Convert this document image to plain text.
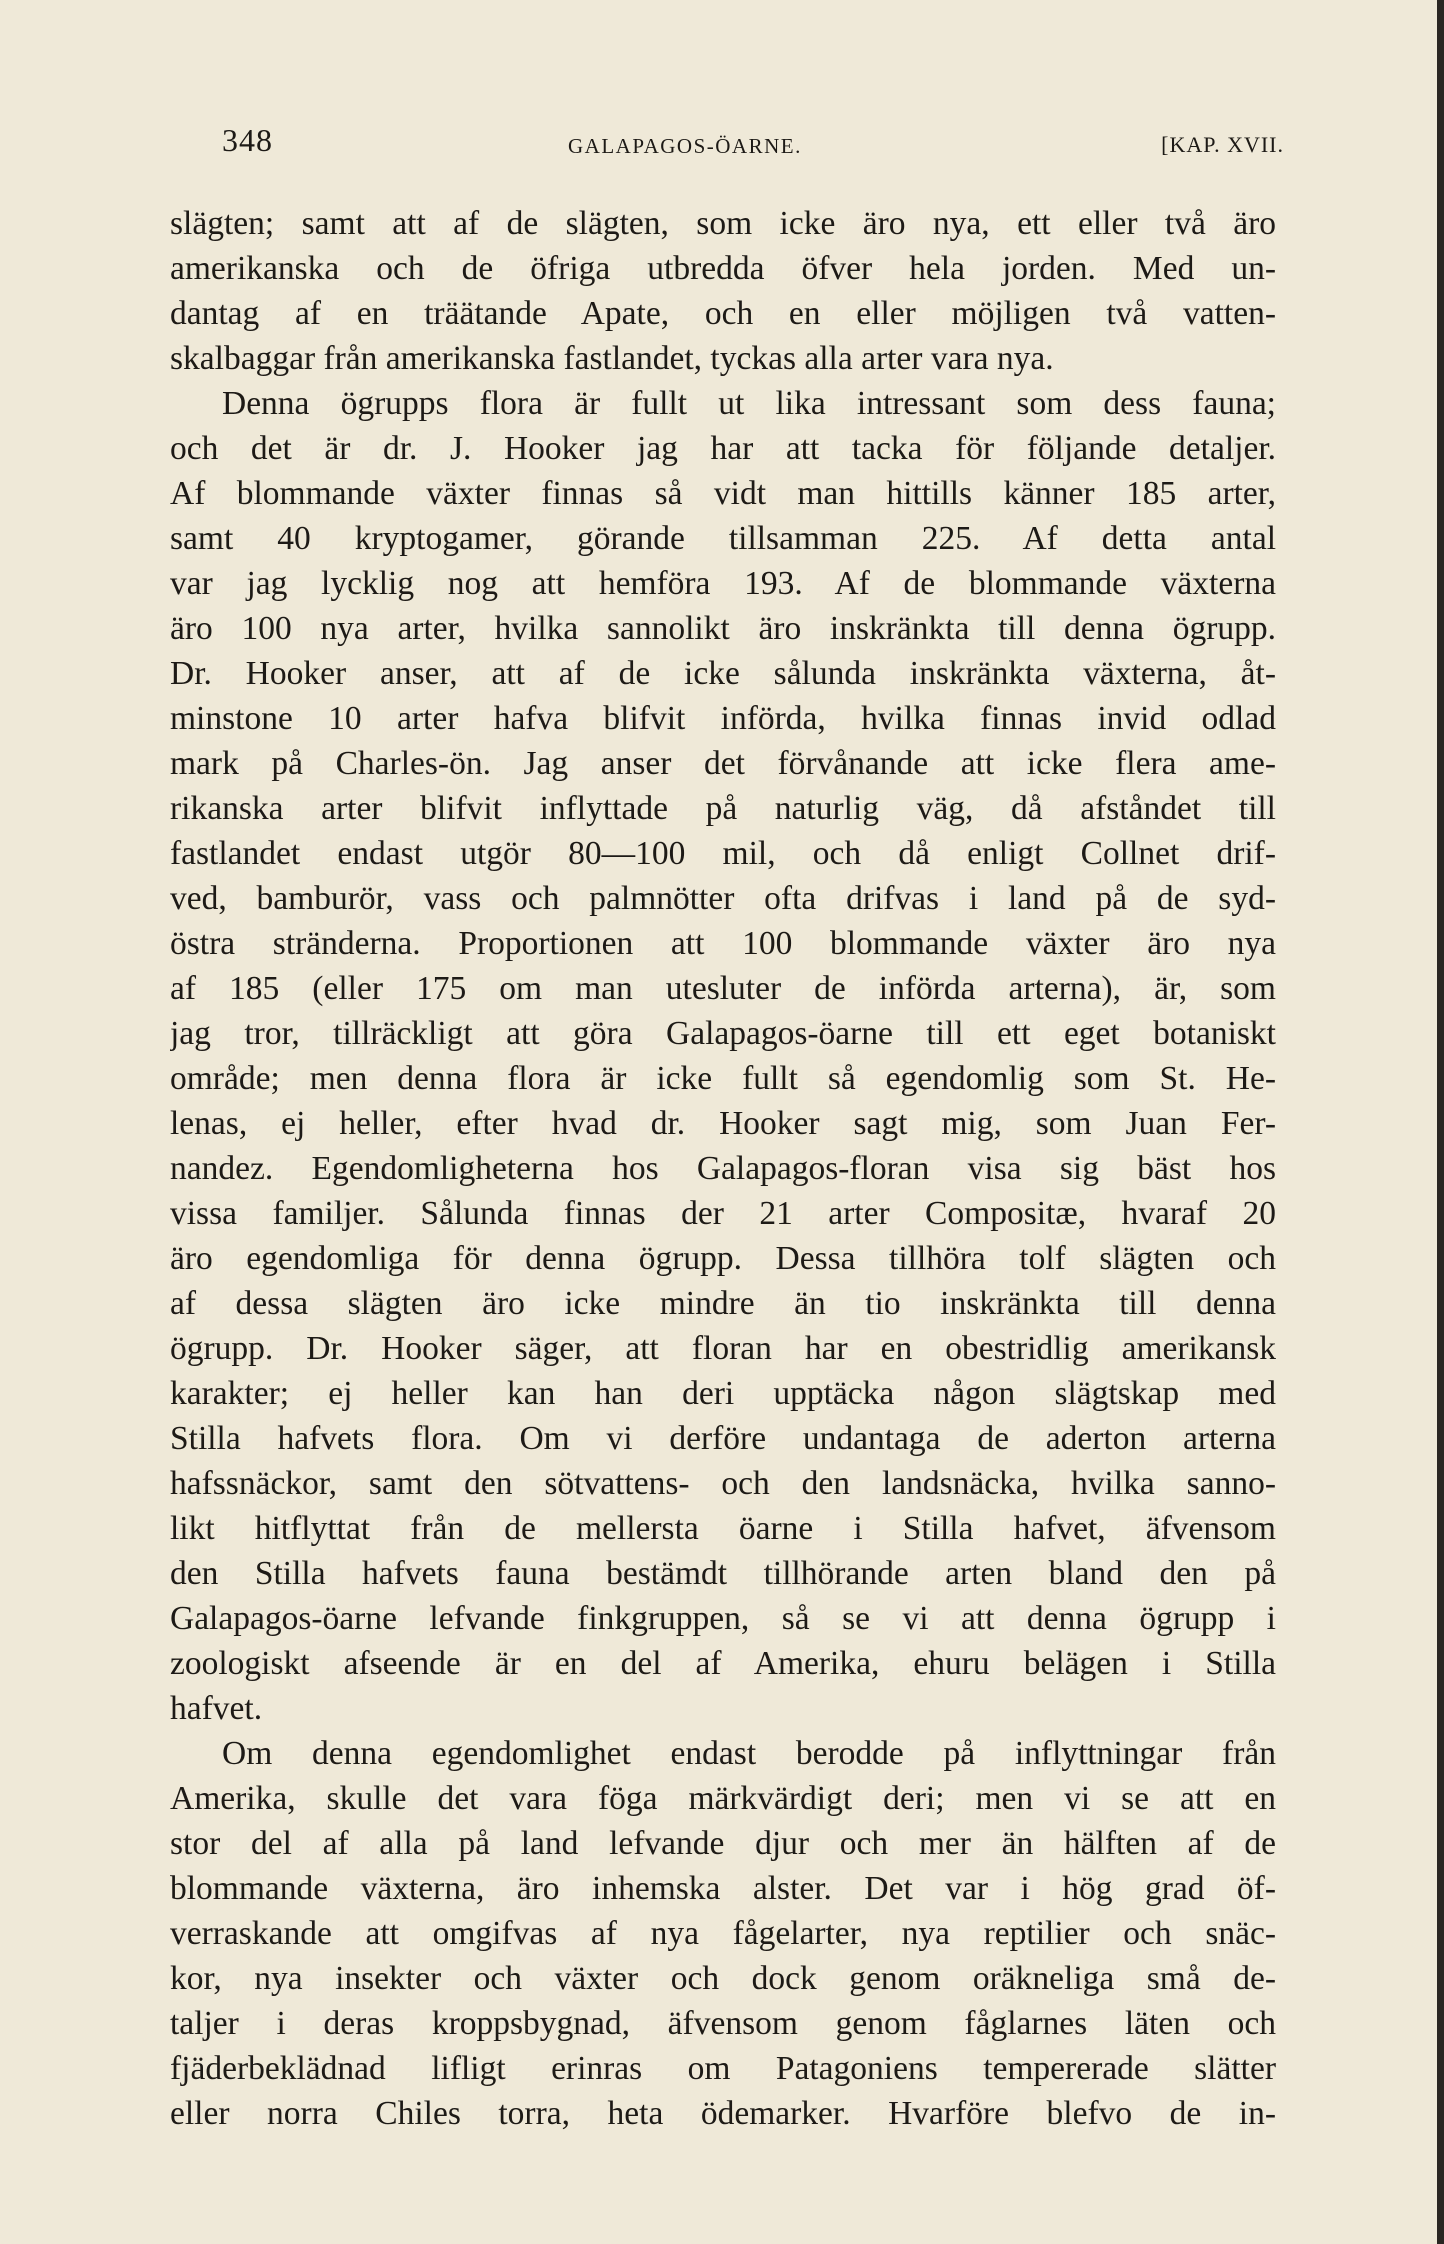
348	GALAPAGOS-ÖARNE.	[KAP. XVII.
slägten; samt att af de slägten, som icke äro nya, ett eller två äro
amerikanska och de öfriga utbredda öfver hela jorden. Med un-
dantag af en träätande Apate, och en eller möjligen två vatten-
skalbaggar från amerikanska fastlandet, tyckas alla arter vara nya.
Denna ögrupps flora är fullt ut lika intressant som dess fauna;
och det är dr. J. Hooker jag har att tacka för följande detaljer.
Af blommande växter finnas så vidt man hittills känner 185 arter,
samt 40 kryptogamer, görande tillsamman 225. Af detta antal
var jag lycklig nog att hemföra 193. Af de blommande växterna
äro 100 nya arter, hvilka sannolikt äro inskränkta till denna ögrupp.
Dr. Hooker anser, att af de icke sålunda inskränkta växterna, åt-
minstone 10 arter hafva blifvit införda, hvilka finnas invid odlad
mark på Charles-ön. Jag anser det förvånande att icke flera ame-
rikanska arter blifvit inflyttade på naturlig väg, då afståndet till
fastlandet endast utgör 80—100 mil, och då enligt Collnet drif-
ved, bamburör, vass och palmnötter ofta drifvas i land på de syd-
östra stränderna. Proportionen att 100 blommande växter äro nya
af 185 (eller 175 om man utesluter de införda arterna), är, som
jag tror, tillräckligt att göra Galapagos-öarne till ett eget botaniskt
område; men denna flora är icke fullt så egendomlig som St. He-
lenas, ej heller, efter hvad dr. Hooker sagt mig, som Juan Fer-
nandez. Egendomligheterna hos Galapagos-floran visa sig bäst hos
vissa familjer. Sålunda finnas der 21 arter Compositæ, hvaraf 20
äro egendomliga för denna ögrupp. Dessa tillhöra tolf slägten och
af dessa slägten äro icke mindre än tio inskränkta till denna
ögrupp. Dr. Hooker säger, att floran har en obestridlig amerikansk
karakter; ej heller kan han deri upptäcka någon slägtskap med
Stilla hafvets flora. Om vi derföre undantaga de aderton arterna
hafssnäckor, samt den sötvattens- och den landsnäcka, hvilka sanno-
likt hitflyttat från de mellersta öarne i Stilla hafvet, äfvensom
den Stilla hafvets fauna bestämdt tillhörande arten bland den på
Galapagos-öarne lefvande finkgruppen, så se vi att denna ögrupp i
zoologiskt afseende är en del af Amerika, ehuru belägen i Stilla
hafvet.
Om denna egendomlighet endast berodde på inflyttningar från
Amerika, skulle det vara föga märkvärdigt deri; men vi se att en
stor del af alla på land lefvande djur och mer än hälften af de
blommande växterna, äro inhemska alster. Det var i hög grad öf-
verraskande att omgifvas af nya fågelarter, nya reptilier och snäc-
kor, nya insekter och växter och dock genom oräkneliga små de-
taljer i deras kroppsbygnad, äfvensom genom fåglarnes läten och
fjäderbeklädnad lifligt erinras om Patagoniens tempererade slätter
eller norra Chiles torra, heta ödemarker. Hvarföre blefvo de in-
